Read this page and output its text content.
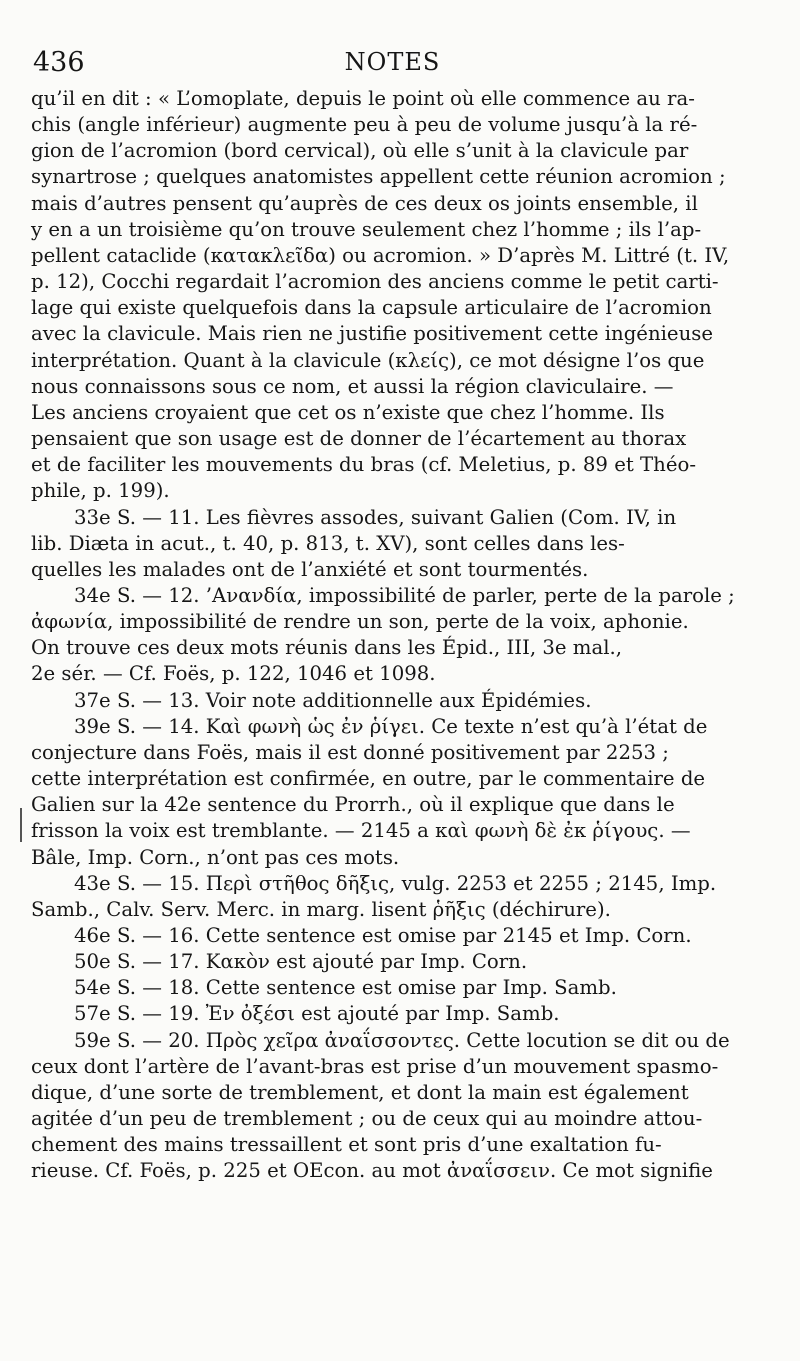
436	NOTES
qu’il en dit : « L’omoplate, depuis le point où elle commence au ra-
chis (angle inférieur) augmente peu à peu de volume jusqu’à la ré-
gion de l’acromion (bord cervical), où elle s’unit à la clavicule par
synartrose ; quelques anatomistes appellent cette réunion acromion ;
mais d’autres pensent qu’auprès de ces deux os joints ensemble, il
y en a un troisième qu’on trouve seulement chez l’homme ; ils l’ap-
pellent cataclide (κατακλεῖδα) ou acromion. » D’après M. Littré (t. IV,
p. 12), Cocchi regardait l’acromion des anciens comme le petit carti-
lage qui existe quelquefois dans la capsule articulaire de l’acromion
avec la clavicule. Mais rien ne justifie positivement cette ingénieuse
interprétation. Quant à la clavicule (κλείς), ce mot désigne l’os que
nous connaissons sous ce nom, et aussi la région claviculaire. —
Les anciens croyaient que cet os n’existe que chez l’homme. Ils
pensaient que son usage est de donner de l’écartement au thorax
et de faciliter les mouvements du bras (cf. Meletius, p. 89 et Théo-
phile, p. 199).
33e S. — 11. Les fièvres assodes, suivant Galien (Com. IV, in
lib. Diæta in acut., t. 40, p. 813, t. XV), sont celles dans les-
quelles les malades ont de l’anxiété et sont tourmentés.
34e S. — 12. ’Ανανδία, impossibilité de parler, perte de la parole ;
ἀφωνία, impossibilité de rendre un son, perte de la voix, aphonie.
On trouve ces deux mots réunis dans les Épid., III, 3e mal.,
2e sér. — Cf. Foës, p. 122, 1046 et 1098.
37e S. — 13. Voir note additionnelle aux Épidémies.
39e S. — 14. Καὶ φωνὴ ὡς ἐν ῥίγει. Ce texte n’est qu’à l’état de
conjecture dans Foës, mais il est donné positivement par 2253 ;
cette interprétation est confirmée, en outre, par le commentaire de
Galien sur la 42e sentence du Prorrh., où il explique que dans le
frisson la voix est tremblante. — 2145 a καὶ φωνὴ δὲ ἐκ ῥίγους. —
Bâle, Imp. Corn., n’ont pas ces mots.
43e S. — 15. Περὶ στῆθος δῆξις, vulg. 2253 et 2255 ; 2145, Imp.
Samb., Calv. Serv. Merc. in marg. lisent ῥῆξις (déchirure).
46e S. — 16. Cette sentence est omise par 2145 et Imp. Corn.
50e S. — 17. Κακὸν est ajouté par Imp. Corn.
54e S. — 18. Cette sentence est omise par Imp. Samb.
57e S. — 19. Ἐν ὀξέσι est ajouté par Imp. Samb.
59e S. — 20. Πρὸς χεῖρα ἀναΐσσοντες. Cette locution se dit ou de
ceux dont l’artère de l’avant-bras est prise d’un mouvement spasmo-
dique, d’une sorte de tremblement, et dont la main est également
agitée d’un peu de tremblement ; ou de ceux qui au moindre attou-
chement des mains tressaillent et sont pris d’une exaltation fu-
rieuse. Cf. Foës, p. 225 et OEcon. au mot ἀναΐσσειν. Ce mot signifie
